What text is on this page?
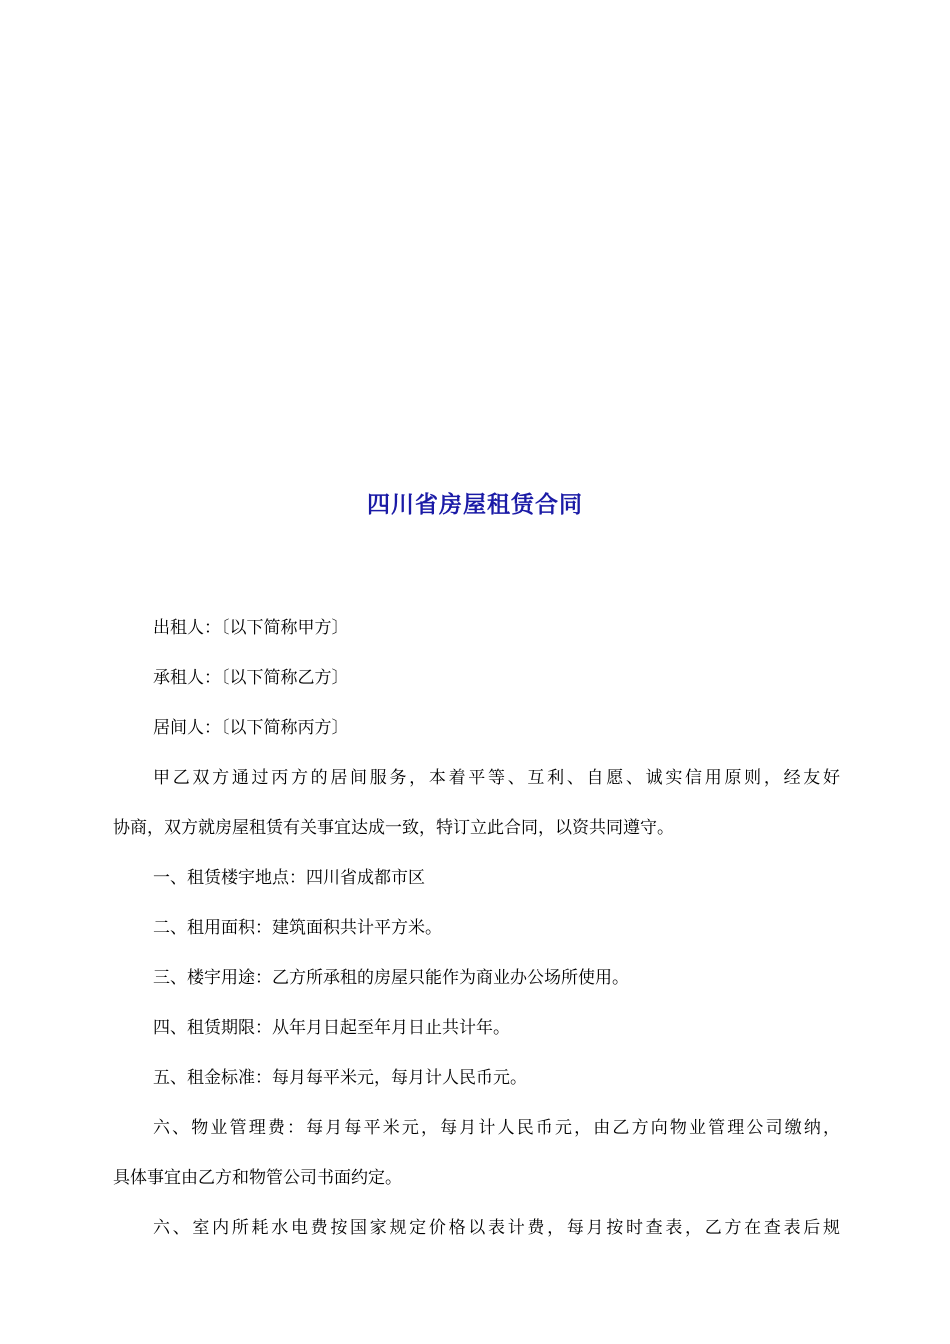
四川省房屋租赁合同

出租人：〔以下简称甲方〕

承租人：〔以下简称乙方〕

居间人：〔以下简称丙方〕

甲乙双方通过丙方的居间服务，本着平等、互利、自愿、诚实信用原则，经友好

协商，双方就房屋租赁有关事宜达成一致，特订立此合同，以资共同遵守。

一、租赁楼宇地点：四川省成都市区

二、租用面积：建筑面积共计平方米。

三、楼宇用途：乙方所承租的房屋只能作为商业办公场所使用。

四、租赁期限：从年月日起至年月日止共计年。

五、租金标准：每月每平米元，每月计人民币元。

六、物业管理费：每月每平米元，每月计人民币元，由乙方向物业管理公司缴纳，

具体事宜由乙方和物管公司书面约定。

六、室内所耗水电费按国家规定价格以表计费，每月按时查表，乙方在查表后规
